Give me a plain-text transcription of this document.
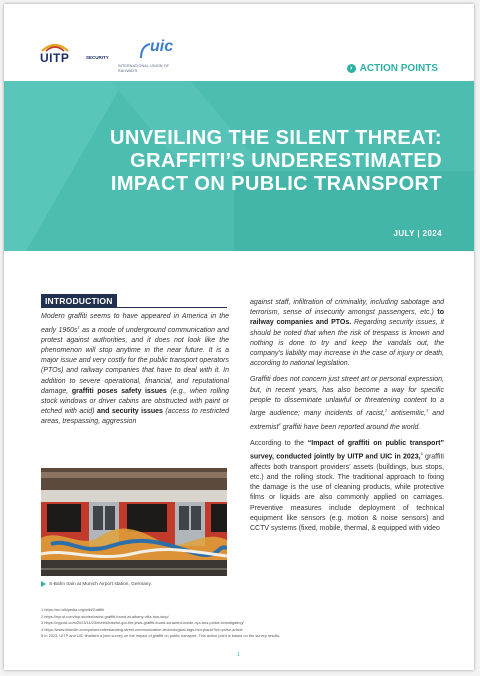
UITP	SECURITY
uic
INTERNATIONAL UNION OF RAILWAYS	› ACTION POINTS
UNVEILING THE SILENT THREAT:
GRAFFITI’S UNDERESTIMATED
IMPACT ON PUBLIC TRANSPORT
JULY | 2024
INTRODUCTION

Modern graffiti seems to have appeared in America in the early $1960s^1$ as a mode of underground communication and protest against authorities, and it does not look like the phenomenon will stop anytime in the near future. It is a major issue and very costly for the public transport operators (PTOs) and railway companies that have to deal with it. In addition to severe operational, financial, and reputational damage, graffiti poses safety issues (e.g., when rolling stock windows or driver cabins are obstructed with paint or etched with acid) and security issues (access to restricted areas, trespassing, aggression

S-Bahn train at Munich Airport station, Germany.

against staff, infiltration of criminality, including sabotage and terrorism, sense of insecurity amongst passengers, etc.) to railway companies and PTOs. Regarding security issues, it should be noted that when the risk of trespass is known and nothing is done to try and keep the vandals out, the company’s liability may increase in the case of injury or death, according to national legislation.

Graffiti does not concern just street art or personal expression, but, in recent years, has also become a way for specific people to disseminate unlawful or threatening content to a large audience; many incidents of racist,$^2$ antisemitic,$^3$ and extremist$^4$ graffiti have been reported around the world.

According to the “Impact of graffiti on public transport” survey, conducted jointly by UITP and UIC in 2023,$^5$ graffiti affects both transport providers’ assets (buildings, bus stops, etc.) and the rolling stock. The traditional approach to fixing the damage is the use of cleaning products, while protective films or liquids are also commonly applied on carriages. Preventive measures include deployment of technical equipment like sensors (e.g. motion & noise sensors) and CCTV systems (fixed, mobile, thermal, & equipped with video

1 https://en.wikipedia.org/wiki/Graffiti
2 https://nyr.st.com/top-stories/racist-graffiti-found-at-albany-villa-bus-stop/
3 https://nypost.com/2023/11/23/metro/hateful-got-the-jews-graffiti-found-scrawled-inside-nyc-bus-police-investigating/
4 https://www.linkedin.com/pulse/understanding-street-communication-technological-tags-ben-jbara/?trk=pulse-article
5 In 2023, UITP and UIC finalised a joint survey on the impact of graffiti on public transport. This action point is based on the survey results.
1
